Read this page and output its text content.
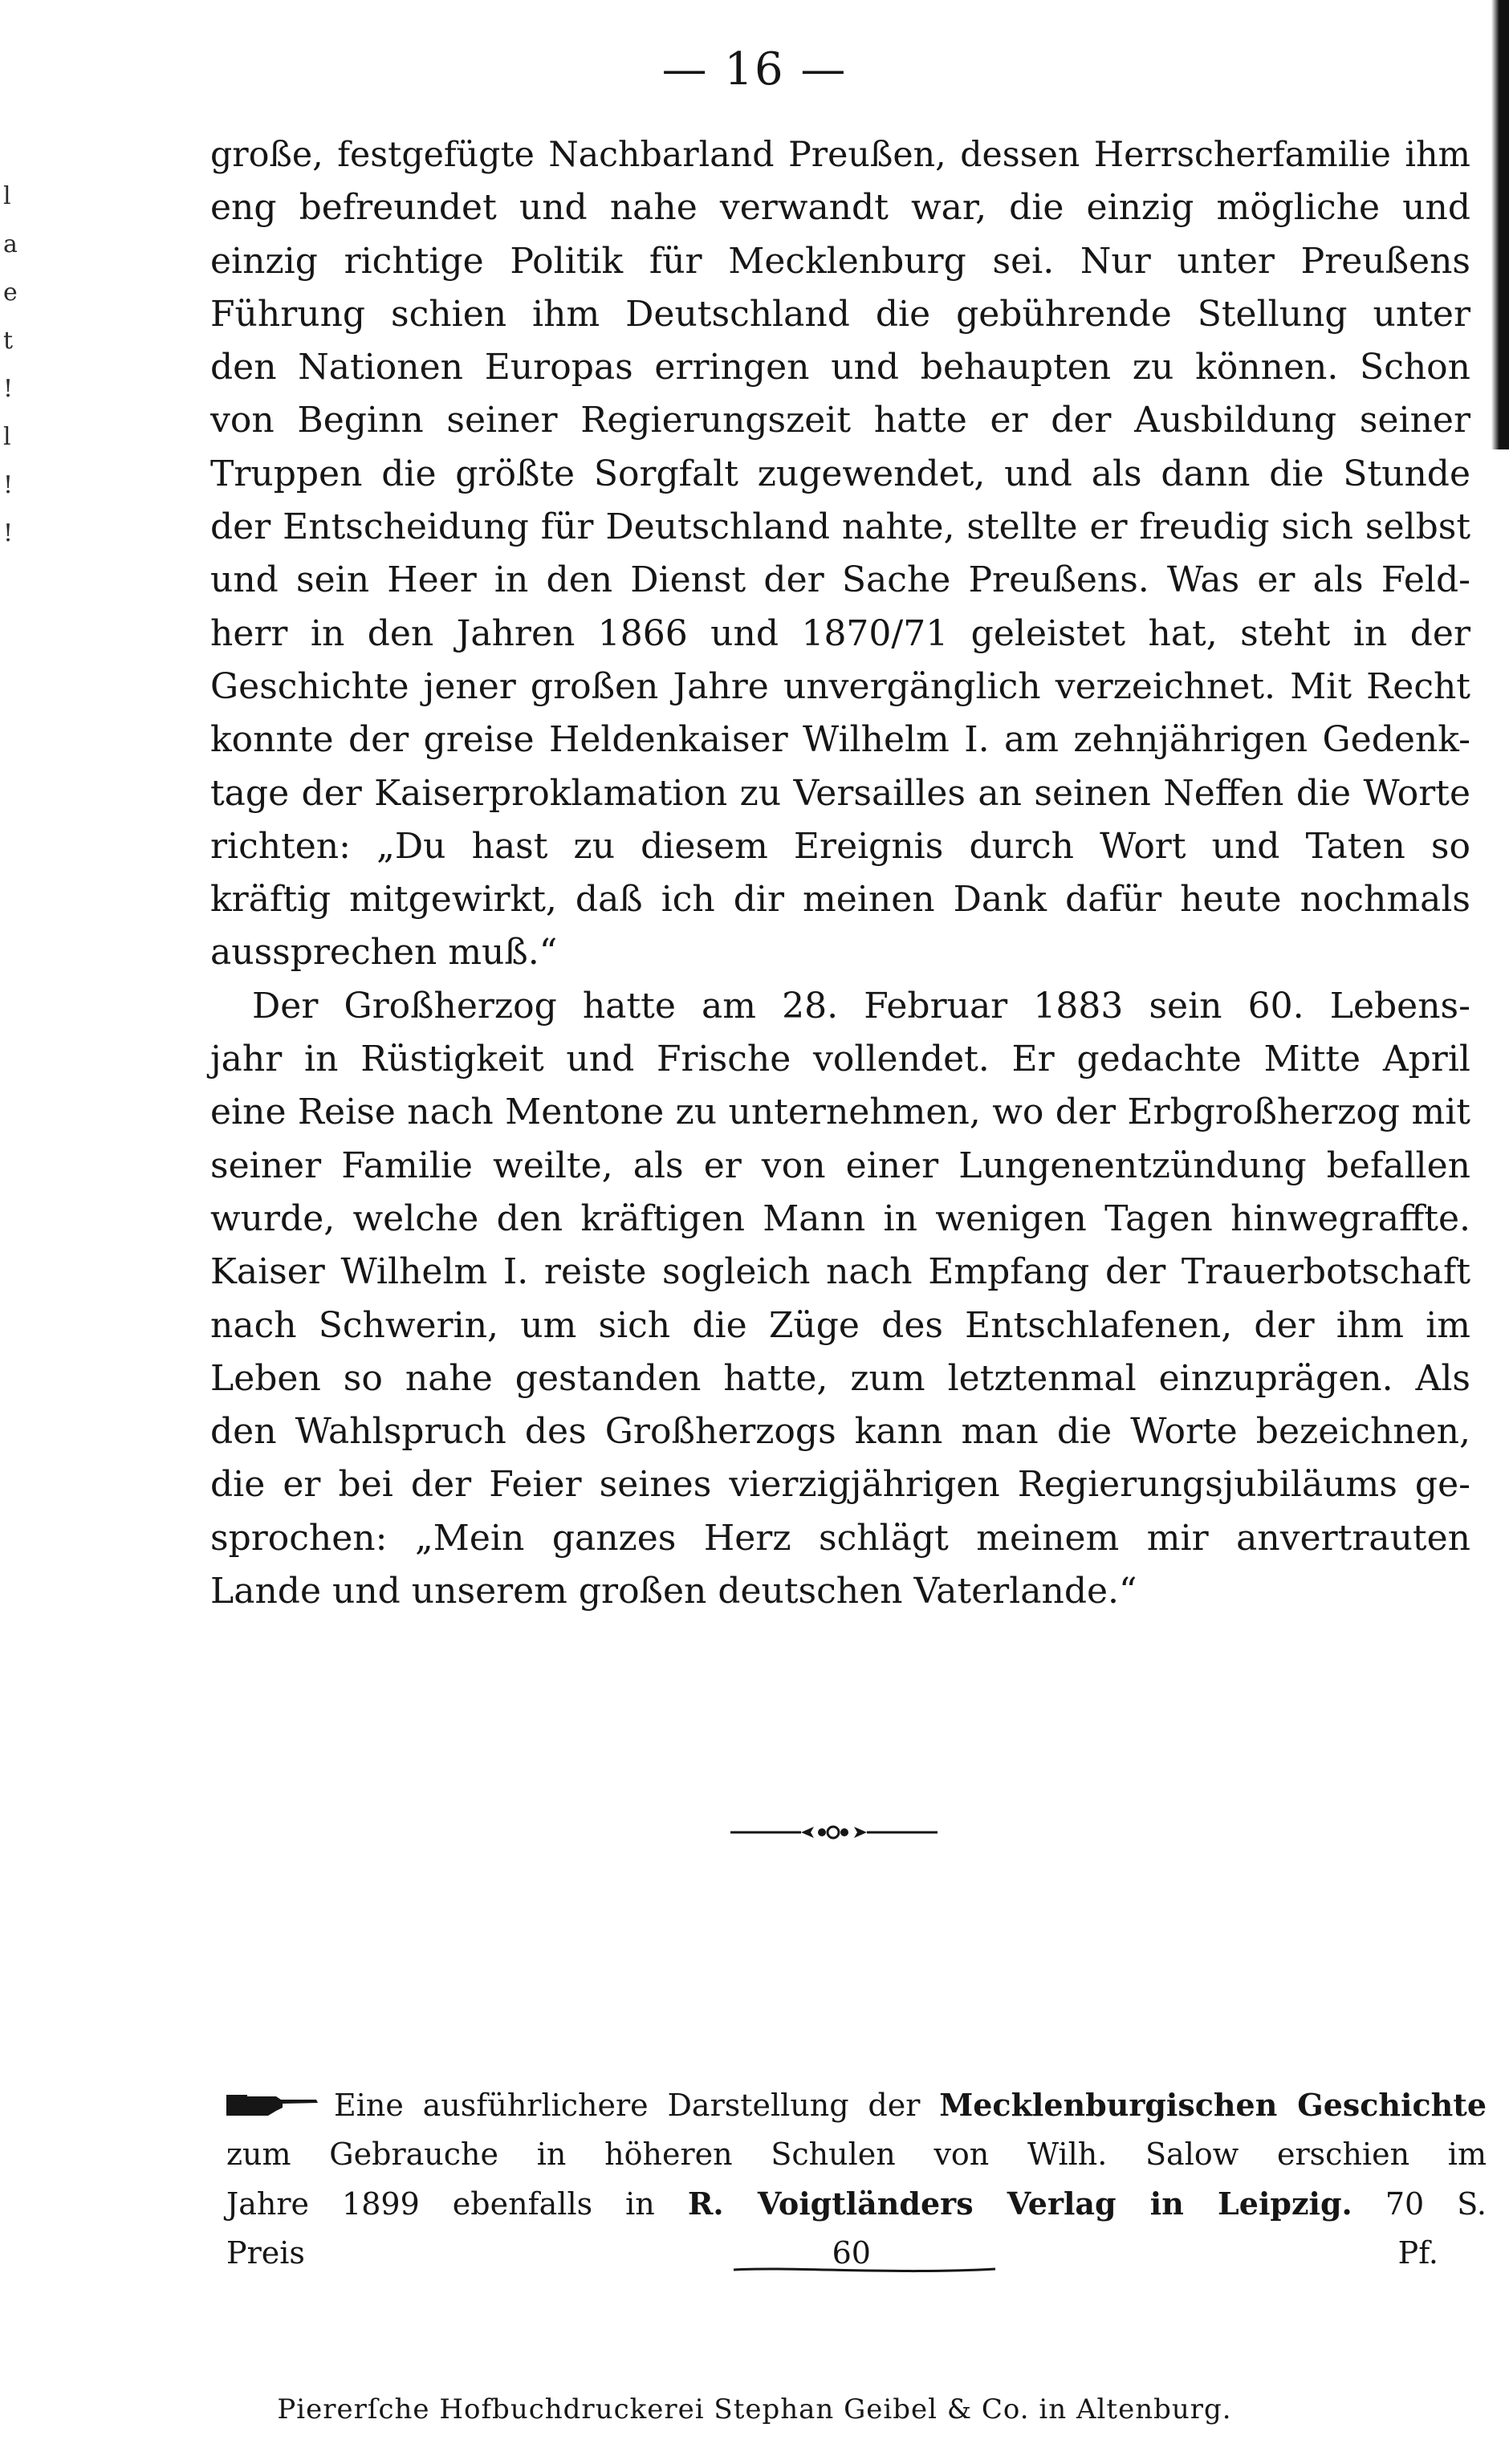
l
a
e
t
!
l
!
!
— 16 —
große, festgefügte Nachbarland Preußen, dessen Herrscherfamilie ihm
eng befreundet und nahe verwandt war, die einzig mögliche und
einzig richtige Politik für Mecklenburg sei. Nur unter Preußens
Führung schien ihm Deutschland die gebührende Stellung unter
den Nationen Europas erringen und behaupten zu können. Schon
von Beginn seiner Regierungszeit hatte er der Ausbildung seiner
Truppen die größte Sorgfalt zugewendet, und als dann die Stunde
der Entscheidung für Deutschland nahte, stellte er freudig sich selbst
und sein Heer in den Dienst der Sache Preußens. Was er als Feld-
herr in den Jahren 1866 und 1870/71 geleistet hat, steht in der
Geschichte jener großen Jahre unvergänglich verzeichnet. Mit Recht
konnte der greise Heldenkaiser Wilhelm I. am zehnjährigen Gedenk-
tage der Kaiserproklamation zu Versailles an seinen Neffen die Worte
richten: „Du hast zu diesem Ereignis durch Wort und Taten so
kräftig mitgewirkt, daß ich dir meinen Dank dafür heute nochmals
aussprechen muß.“
Der Großherzog hatte am 28. Februar 1883 sein 60. Lebens-
jahr in Rüstigkeit und Frische vollendet. Er gedachte Mitte April
eine Reise nach Mentone zu unternehmen, wo der Erbgroßherzog mit
seiner Familie weilte, als er von einer Lungenentzündung befallen
wurde, welche den kräftigen Mann in wenigen Tagen hinwegraffte.
Kaiser Wilhelm I. reiste sogleich nach Empfang der Trauerbotschaft
nach Schwerin, um sich die Züge des Entschlafenen, der ihm im
Leben so nahe gestanden hatte, zum letztenmal einzuprägen. Als
den Wahlspruch des Großherzogs kann man die Worte bezeichnen,
die er bei der Feier seines vierzigjährigen Regierungsjubiläums ge-
sprochen: „Mein ganzes Herz schlägt meinem mir anvertrauten
Lande und unserem großen deutschen Vaterlande.“
Eine ausführlichere Darstellung der Mecklenburgischen Geschichte
zum Gebrauche in höheren Schulen von Wilh. Salow erschien im
Jahre 1899 ebenfalls in R. Voigtländers Verlag in Leipzig. 70 S.
Preis 60 Pf.
Piererſche Hofbuchdruckerei Stephan Geibel & Co. in Altenburg.
